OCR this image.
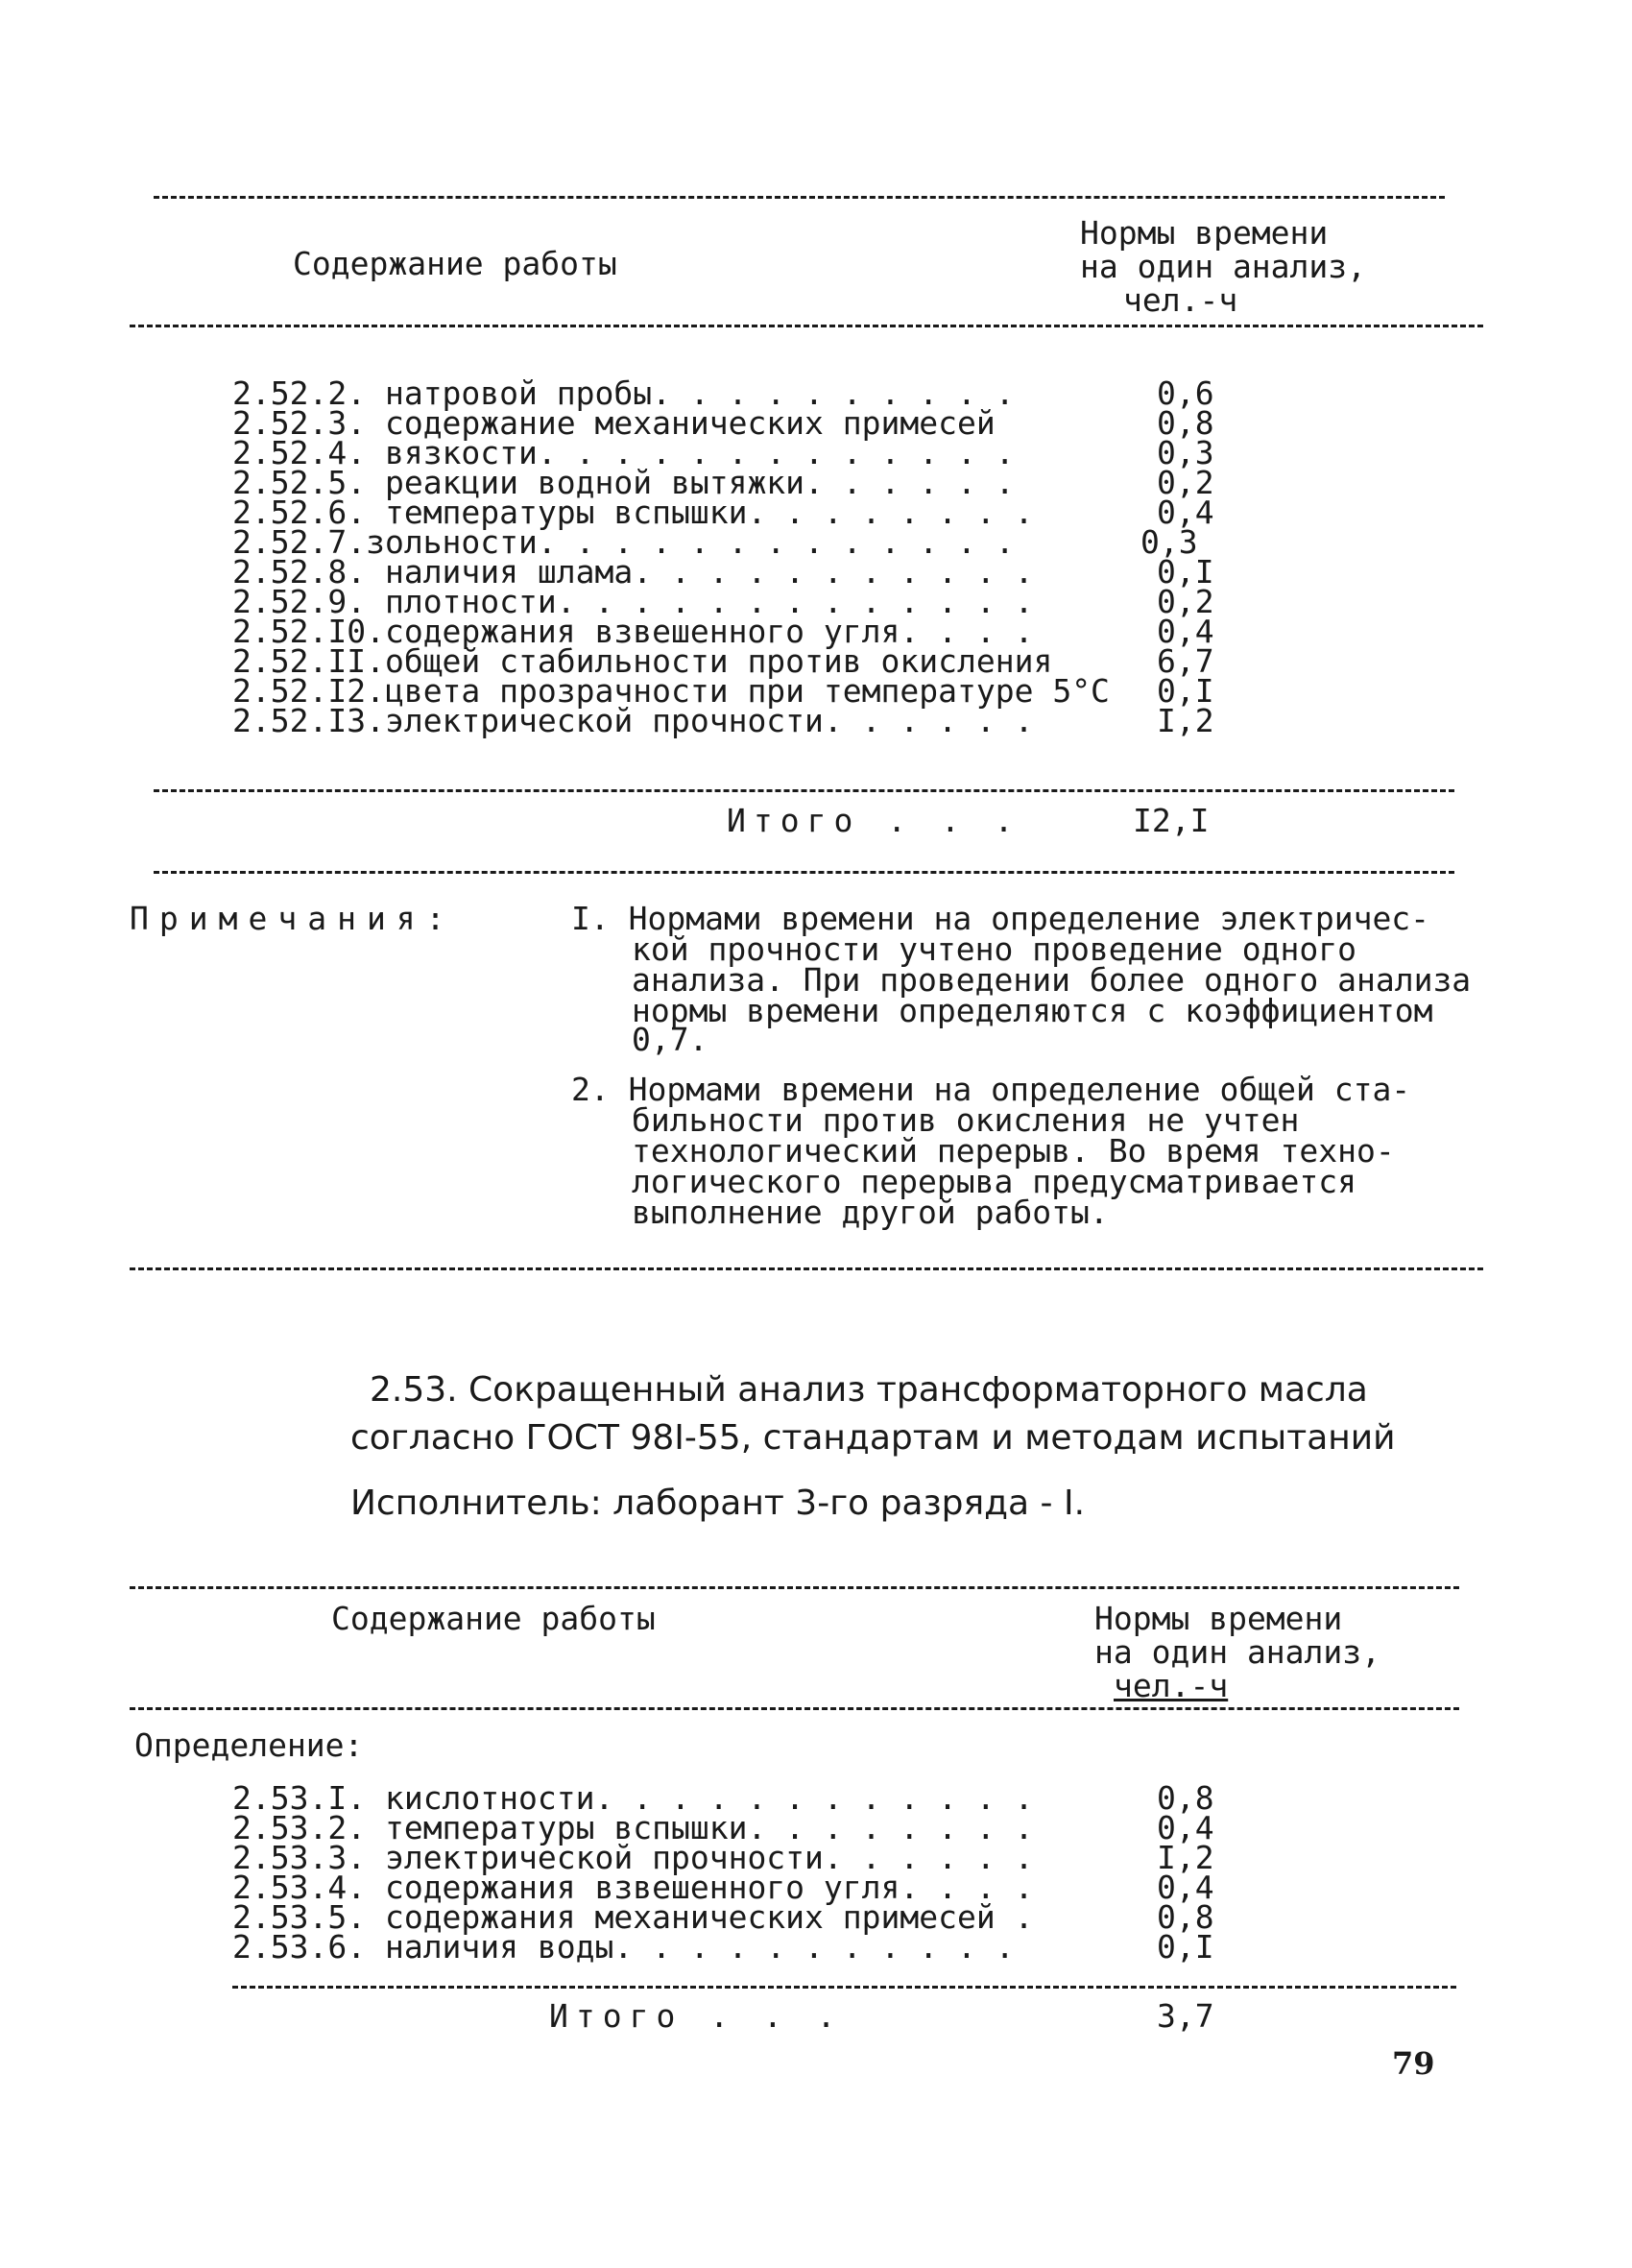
Содержание работы
Нормы времени
на один анализ,
чел.-ч
2.52.2. натровой пробы. . . . . . . . . .	0,6
2.52.3. содержание механических примесей	0,8
2.52.4. вязкости. . . . . . . . . . . . .	0,3
2.52.5. реакции водной вытяжки. . . . . .	0,2
2.52.6. температуры вспышки. . . . . . . .	0,4
2.52.7.зольности. . . . . . . . . . . . .	0,3
2.52.8. наличия шлама. . . . . . . . . . .	0,I
2.52.9. плотности. . . . . . . . . . . . .	0,2
2.52.I0.содержания взвешенного угля. . . .	0,4
2.52.II.общей стабильности против окисления	6,7
2.52.I2.цвета прозрачности при температуре 5°C 0,I
2.52.I3.электрической прочности. . . . . .	I,2
Итого . . .	I2,I
Примечания:	I. Нормами времени на определение электричес-
кой прочности учтено проведение одного
анализа. При проведении более одного анализа
нормы времени определяются с коэффициентом
0,7.
2. Нормами времени на определение общей ста-
бильности против окисления не учтен
технологический перерыв. Во время техно-
логического перерыва предусматривается
выполнение другой работы.
2.53. Сокращенный анализ трансформаторного масла
согласно ГОСТ 98I-55, стандартам и методам испытаний
Исполнитель: лаборант 3-го разряда - I.
Содержание работы	Нормы времени
на один анализ,
чел.-ч
Определение:
2.53.I. кислотности. . . . . . . . . . . .	0,8
2.53.2. температуры вспышки. . . . . . . .	0,4
2.53.3. электрической прочности. . . . . .	I,2
2.53.4. содержания взвешенного угля. . . .	0,4
2.53.5. содержания механических примесей .	0,8
2.53.6. наличия воды. . . . . . . . . . .	0,I
Итого . . .	3,7
79
